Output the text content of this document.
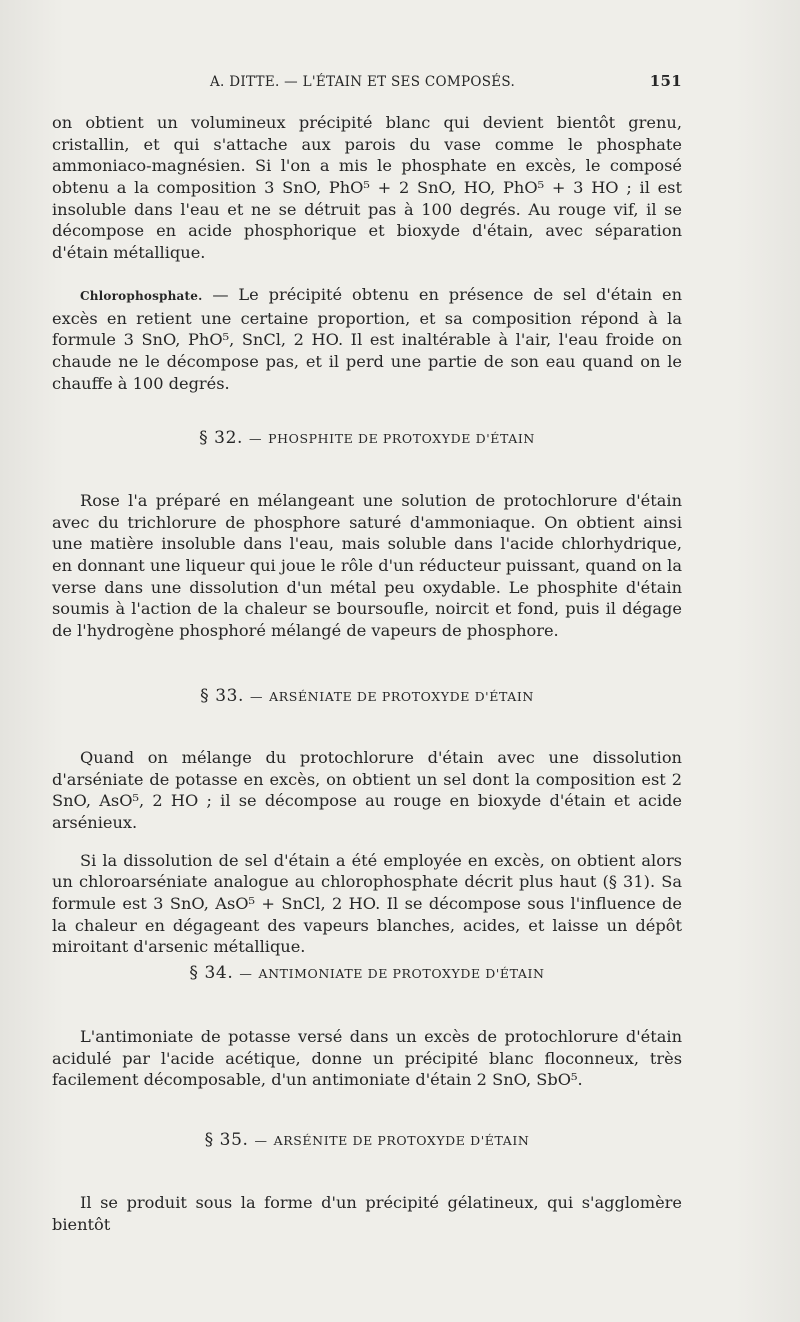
A. DITTE. — L'ÉTAIN ET SES COMPOSÉS.	151

on obtient un volumineux précipité blanc qui devient bientôt grenu, cristallin, et qui s'attache aux parois du vase comme le phosphate ammoniaco-magnésien. Si l'on a mis le phosphate en excès, le composé obtenu a la composition 3 SnO, PhO⁵ + 2 SnO, HO, PhO⁵ + 3 HO ; il est insoluble dans l'eau et ne se détruit pas à 100 degrés. Au rouge vif, il se décompose en acide phosphorique et bioxyde d'étain, avec séparation d'étain métallique.

Chlorophosphate. — Le précipité obtenu en présence de sel d'étain en excès en retient une certaine proportion, et sa composition répond à la formule 3 SnO, PhO⁵, SnCl, 2 HO. Il est inaltérable à l'air, l'eau froide on chaude ne le décompose pas, et il perd une partie de son eau quand on le chauffe à 100 degrés.

§ 32. — PHOSPHITE DE PROTOXYDE D'ÉTAIN

Rose l'a préparé en mélangeant une solution de protochlorure d'étain avec du trichlorure de phosphore saturé d'ammoniaque. On obtient ainsi une matière insoluble dans l'eau, mais soluble dans l'acide chlorhydrique, en donnant une liqueur qui joue le rôle d'un réducteur puissant, quand on la verse dans une dissolution d'un métal peu oxydable. Le phosphite d'étain soumis à l'action de la chaleur se boursoufle, noircit et fond, puis il dégage de l'hydrogène phosphoré mélangé de vapeurs de phosphore.

§ 33. — ARSÉNIATE DE PROTOXYDE D'ÉTAIN

Quand on mélange du protochlorure d'étain avec une dissolution d'arséniate de potasse en excès, on obtient un sel dont la composition est 2 SnO, AsO⁵, 2 HO ; il se décompose au rouge en bioxyde d'étain et acide arsénieux.

Si la dissolution de sel d'étain a été employée en excès, on obtient alors un chloroarséniate analogue au chlorophosphate décrit plus haut (§ 31). Sa formule est 3 SnO, AsO⁵ + SnCl, 2 HO. Il se décompose sous l'influence de la chaleur en dégageant des vapeurs blanches, acides, et laisse un dépôt miroitant d'arsenic métallique.

§ 34. — ANTIMONIATE DE PROTOXYDE D'ÉTAIN

L'antimoniate de potasse versé dans un excès de protochlorure d'étain acidulé par l'acide acétique, donne un précipité blanc floconneux, très facilement décomposable, d'un antimoniate d'étain 2 SnO, SbO⁵.

§ 35. — ARSÉNITE DE PROTOXYDE D'ÉTAIN

Il se produit sous la forme d'un précipité gélatineux, qui s'agglomère bientôt
